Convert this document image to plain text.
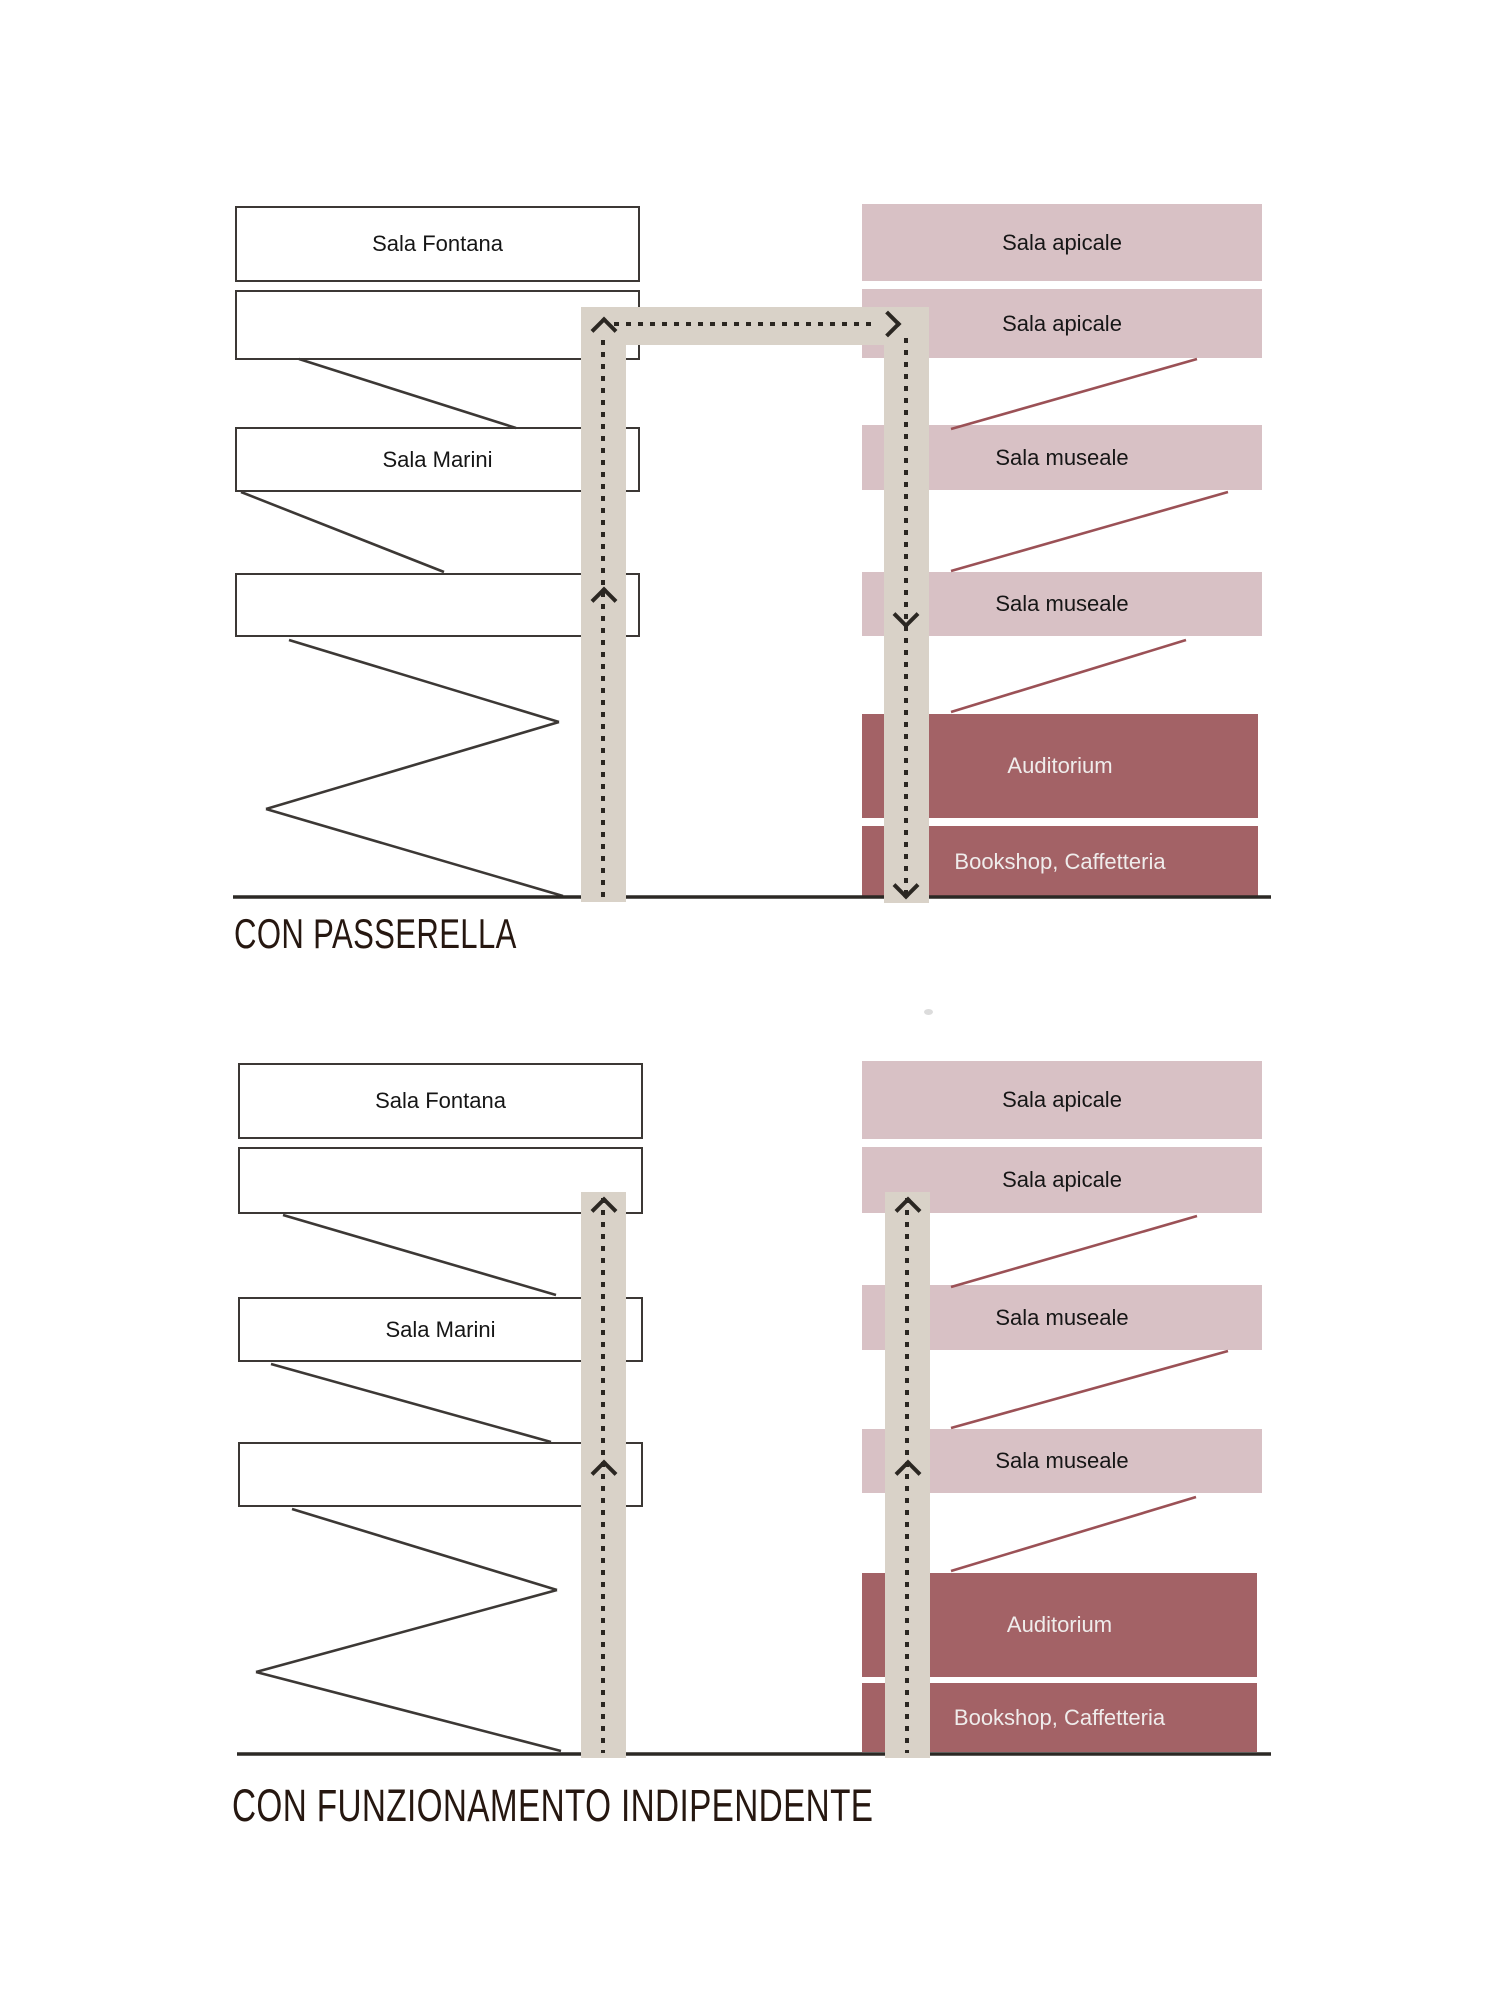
Sala Fontana
Sala Marini
Sala apicale
Sala apicale
Sala museale
Sala museale
Auditorium
Bookshop, Caffetteria
Sala Fontana
Sala Marini
Sala apicale
Sala apicale
Sala museale
Sala museale
Auditorium
Bookshop, Caffetteria
CON PASSERELLA
CON FUNZIONAMENTO INDIPENDENTE
